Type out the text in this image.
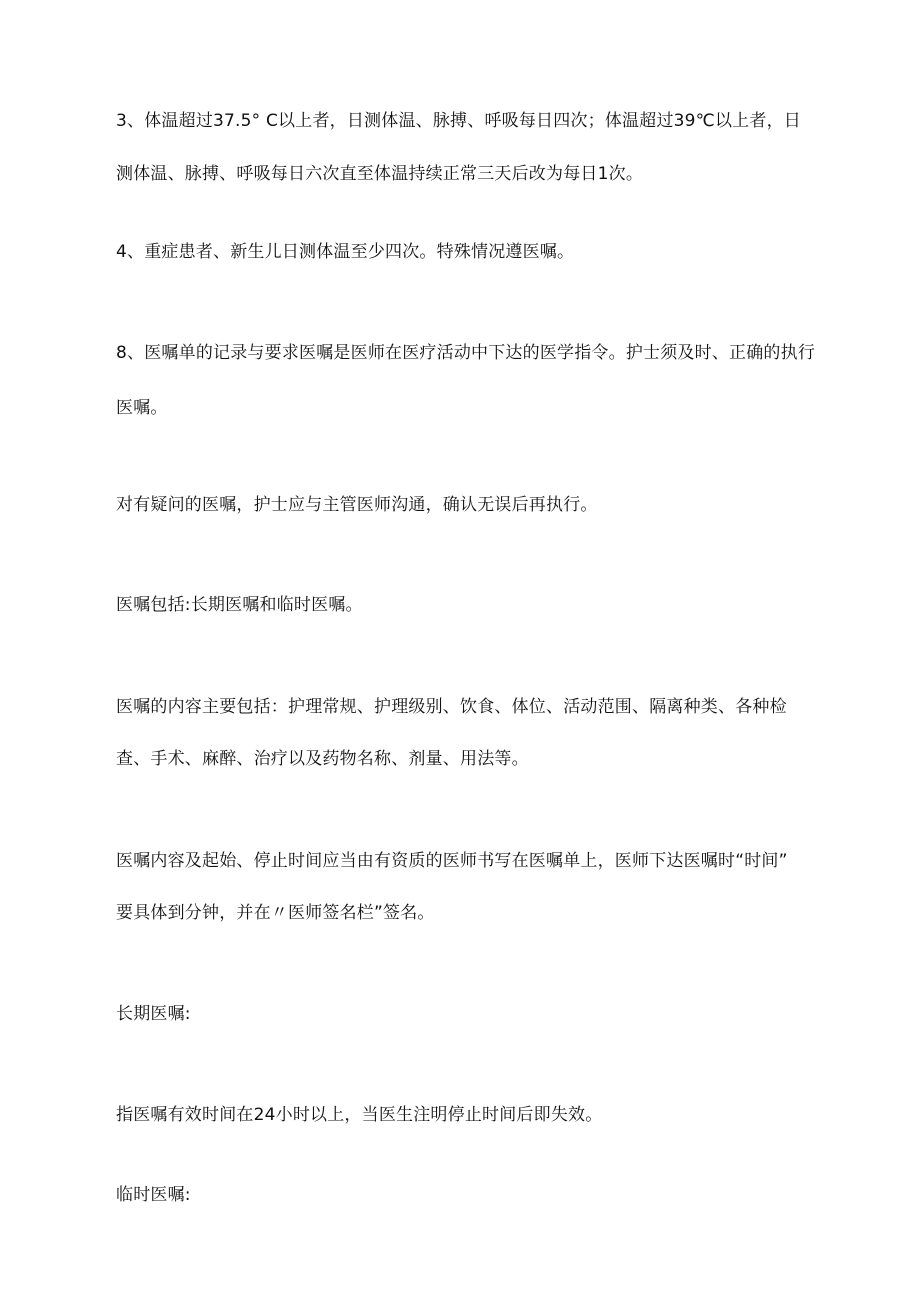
3、体温超过37.5° C以上者，日测体温、脉搏、呼吸每日四次；体温超过39℃以上者，日
测体温、脉搏、呼吸每日六次直至体温持续正常三天后改为每日1次。
4、重症患者、新生儿日测体温至少四次。特殊情况遵医嘱。
8、医嘱单的记录与要求医嘱是医师在医疗活动中下达的医学指令。护士须及时、正确的执行
医嘱。
对有疑问的医嘱，护士应与主管医师沟通，确认无误后再执行。
医嘱包括:长期医嘱和临时医嘱。
医嘱的内容主要包括：护理常规、护理级别、饮食、体位、活动范围、隔离种类、各种检
查、手术、麻醉、治疗以及药物名称、剂量、用法等。
医嘱内容及起始、停止时间应当由有资质的医师书写在医嘱单上，医师下达医嘱时“时间”
要具体到分钟，并在〃医师签名栏”签名。
长期医嘱:
指医嘱有效时间在24小时以上，当医生注明停止时间后即失效。
临时医嘱:
